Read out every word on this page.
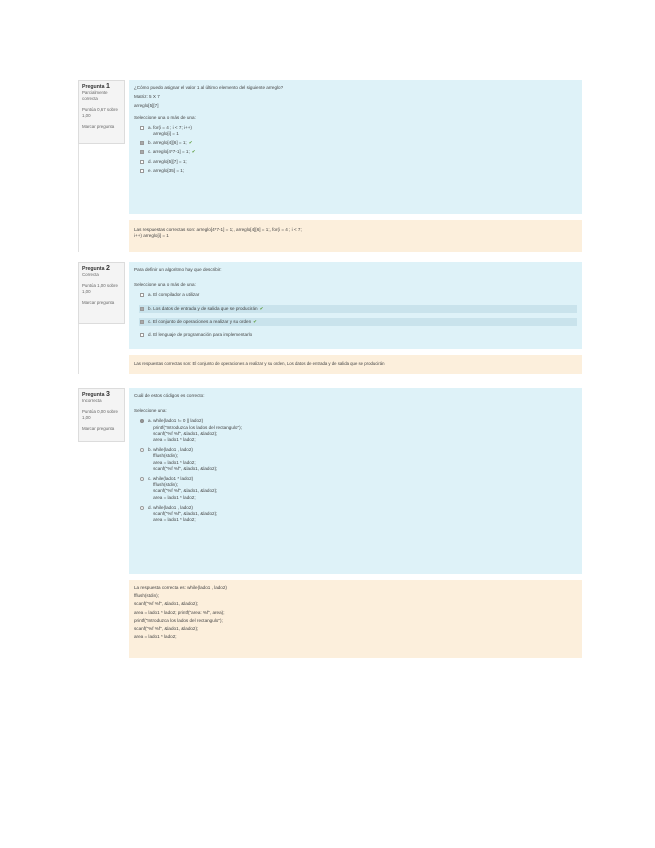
Pregunta 1
Parcialmente correcta
Puntúa 0,67 sobre 1,00
Marcar pregunta
¿Cómo puedo asignar el valor 1 al último elemento del siguiente arreglo?
Matriz: 5 X 7
arreglo[5][7]
Seleccione una o más de una:
a. for(i = 4 ; i < 7; i++)
arreglo[i] = 1
b. arreglo[4][6] = 1; ✔
c. arreglo[4*7-1] = 1; ✔
d. arreglo[5][7] = 1;
e. arreglo[35] = 1;
Las respuestas correctas son: arreglo[4*7-1] = 1;, arreglo[4][6] = 1;, for(i = 4 ; i < 7;
i++) arreglo[i] = 1
Pregunta 2
Correcta
Puntúa 1,00 sobre 1,00
Marcar pregunta
Para definir un algoritmo hay que describir:
Seleccione una o más de una:
a. El compilador a utilizar
b. Los datos de entrada y de salida que se producirán ✔
c. El conjunto de operaciones a realizar y su orden ✔
d. El lenguaje de programación para implementarlo
Las respuestas correctas son: El conjunto de operaciones a realizar y su orden, Los datos de entrada y de salida que se producirán
Pregunta 3
Incorrecta
Puntúa 0,00 sobre 1,00
Marcar pregunta
Cuál de estos códigos es correcto:
Seleccione una:
a. while(lado1 != 0 || lado2)
printf("Introduzca los lados del rectangulo");
scanf("%f %f", &lado1, &lado2);
area = lado1 * lado2;
b. while(lado1 , lado2)
fflush(stdin);
area = lado1 * lado2;
scanf("%f %f", &lado1, &lado2);
c. while(lado1 * lado2)
fflush(stdin);
scanf("%f %f", &lado1, &lado2);
area = lado1 * lado2;
d. while(lado1 , lado2)
scanf("%f %f", &lado1, &lado2);
area = lado1 * lado2;
La respuesta correcta es: while(lado1 , lado2)
fflush(stdin);
scanf("%f %f", &lado1, &lado2);
area = lado1 * lado2; printf("area: %f", area);
printf("Introduzca los lados del rectangulo");
scanf("%f %f", &lado1, &lado2);
area = lado1 * lado2;
